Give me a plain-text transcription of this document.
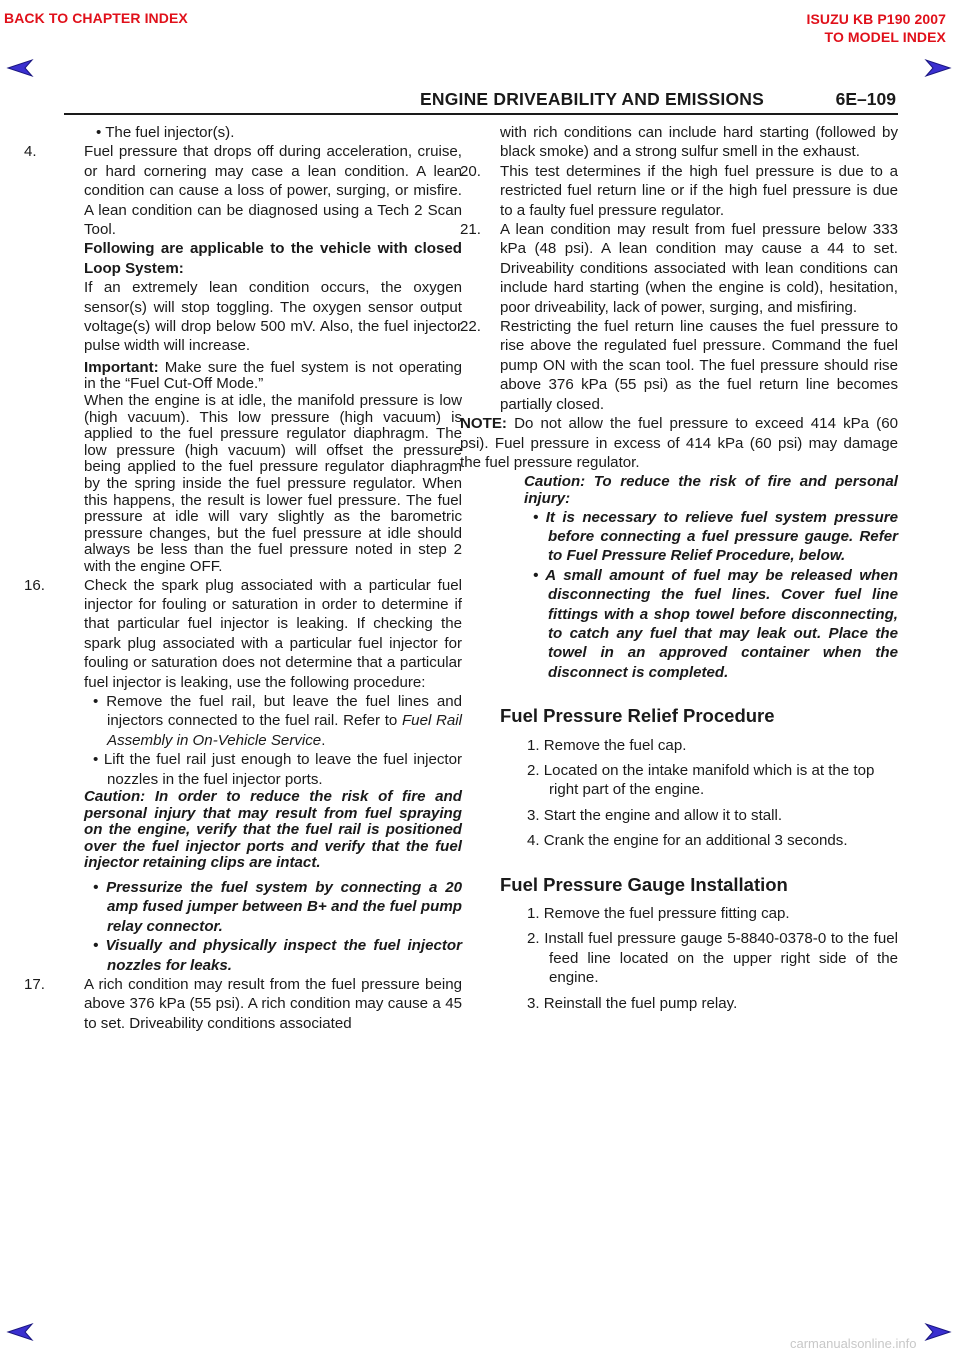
BACK TO CHAPTER INDEX	ISUZU KB P190 2007
TO MODEL INDEX
ENGINE DRIVEABILITY AND EMISSIONS	6E–109

• The fuel injector(s).

4.	Fuel pressure that drops off during acceleration, cruise, or hard cornering may case a lean condition. A lean condition can cause a loss of power, surging, or misfire. A lean condition can be diagnosed using a Tech 2 Scan Tool.

Following are applicable to the vehicle with closed Loop System:

If an extremely lean condition occurs, the oxygen sensor(s) will stop toggling. The oxygen sensor output voltage(s) will drop below 500 mV. Also, the fuel injector pulse width will increase.

Important: Make sure the fuel system is not operating in the “Fuel Cut-Off Mode.”

When the engine is at idle, the manifold pressure is low (high vacuum). This low pressure (high vacuum) is applied to the fuel pressure regulator diaphragm. The low pressure (high vacuum) will offset the pressure being applied to the fuel pressure regulator diaphragm by the spring inside the fuel pressure regulator. When this happens, the result is lower fuel pressure. The fuel pressure at idle will vary slightly as the barometric pressure changes, but the fuel pressure at idle should always be less than the fuel pressure noted in step 2 with the engine OFF.

16.	Check the spark plug associated with a particular fuel injector for fouling or saturation in order to determine if that particular fuel injector is leaking. If checking the spark plug associated with a particular fuel injector for fouling or saturation does not determine that a particular fuel injector is leaking, use the following procedure:

• Remove the fuel rail, but leave the fuel lines and injectors connected to the fuel rail. Refer to Fuel Rail Assembly in On-Vehicle Service.

• Lift the fuel rail just enough to leave the fuel injector nozzles in the fuel injector ports.

Caution: In order to reduce the risk of fire and personal injury that may result from fuel spraying on the engine, verify that the fuel rail is positioned over the fuel injector ports and verify that the fuel injector retaining clips are intact.

• Pressurize the fuel system by connecting a 20 amp fused jumper between B+ and the fuel pump relay connector.

• Visually and physically inspect the fuel injector nozzles for leaks.

17.	A rich condition may result from the fuel pressure being above 376 kPa (55 psi). A rich condition may cause a 45 to set. Driveability conditions associated

with rich conditions can include hard starting (followed by black smoke) and a strong sulfur smell in the exhaust.

20. This test determines if the high fuel pressure is due to a restricted fuel return line or if the high fuel pressure is due to a faulty fuel pressure regulator.

21. A lean condition may result from fuel pressure below 333 kPa (48 psi). A lean condition may cause a 44 to set. Driveability conditions associated with lean conditions can include hard starting (when the engine is cold), hesitation, poor driveability, lack of power, surging, and misfiring.

22. Restricting the fuel return line causes the fuel pressure to rise above the regulated fuel pressure. Command the fuel pump ON with the scan tool. The fuel pressure should rise above 376 kPa (55 psi) as the fuel return line becomes partially closed.

NOTE: Do not allow the fuel pressure to exceed 414 kPa (60 psi). Fuel pressure in excess of 414 kPa (60 psi) may damage the fuel pressure regulator.

Caution: To reduce the risk of fire and personal injury:

• It is necessary to relieve fuel system pressure before connecting a fuel pressure gauge. Refer to Fuel Pressure Relief Procedure, below.

• A small amount of fuel may be released when disconnecting the fuel lines. Cover fuel line fittings with a shop towel before disconnecting, to catch any fuel that may leak out. Place the towel in an approved container when the disconnect is completed.

Fuel Pressure Relief Procedure

1. Remove the fuel cap.

2. Located on the intake manifold which is at the top right part of the engine.

3. Start the engine and allow it to stall.

4. Crank the engine for an additional 3 seconds.

Fuel Pressure Gauge Installation

1. Remove the fuel pressure fitting cap.

2. Install fuel pressure gauge 5-8840-0378-0 to the fuel feed line located on the upper right side of the engine.

3. Reinstall the fuel pump relay.

carmanualsonline.info
